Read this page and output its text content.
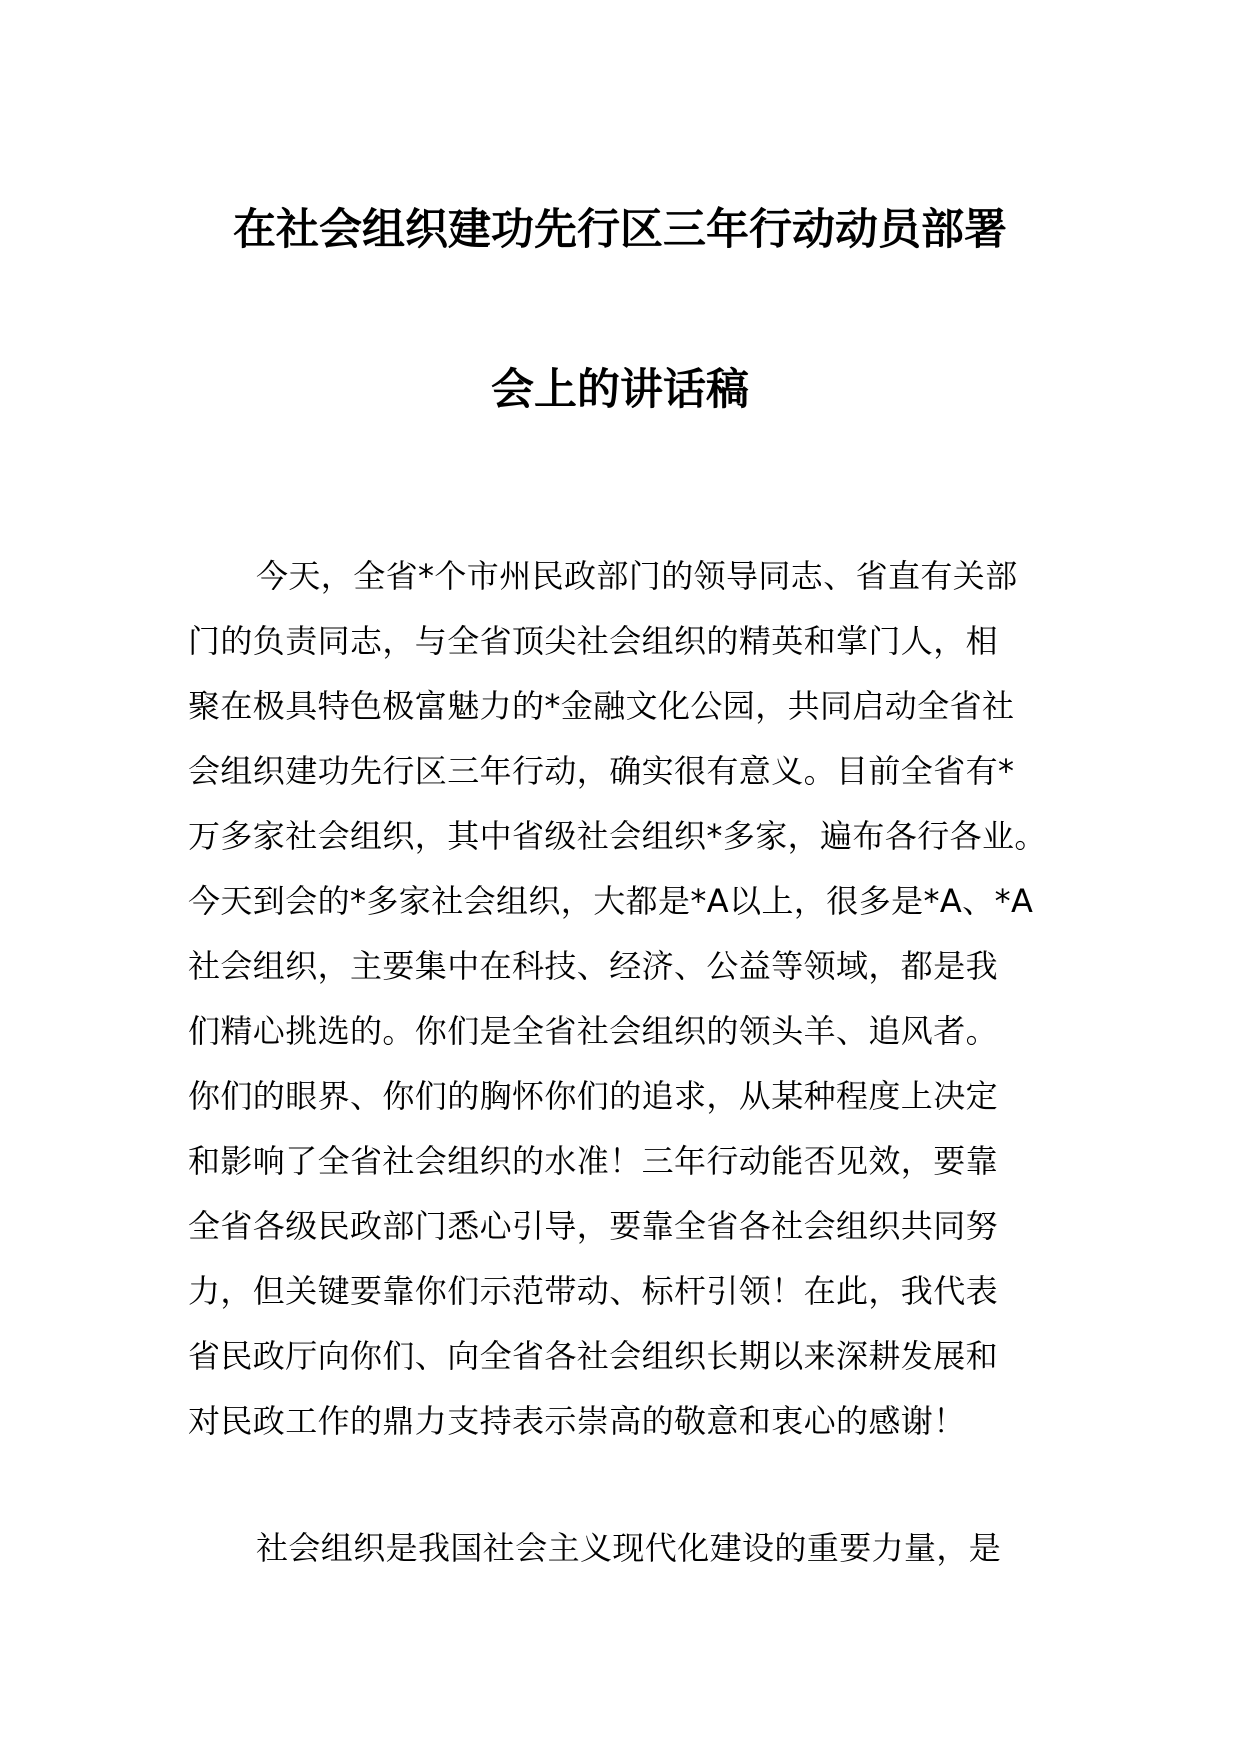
在社会组织建功先行区三年行动动员部署
会上的讲话稿
今天，全省*个市州民政部门的领导同志、省直有关部
门的负责同志，与全省顶尖社会组织的精英和掌门人，相
聚在极具特色极富魅力的*金融文化公园，共同启动全省社
会组织建功先行区三年行动，确实很有意义。目前全省有*
万多家社会组织，其中省级社会组织*多家，遍布各行各业。
今天到会的*多家社会组织，大都是*A以上，很多是*A、*A
社会组织，主要集中在科技、经济、公益等领域，都是我
们精心挑选的。你们是全省社会组织的领头羊、追风者。
你们的眼界、你们的胸怀你们的追求，从某种程度上决定
和影响了全省社会组织的水准！三年行动能否见效，要靠
全省各级民政部门悉心引导，要靠全省各社会组织共同努
力，但关键要靠你们示范带动、标杆引领！在此，我代表
省民政厅向你们、向全省各社会组织长期以来深耕发展和
对民政工作的鼎力支持表示崇高的敬意和衷心的感谢！
社会组织是我国社会主义现代化建设的重要力量，是
